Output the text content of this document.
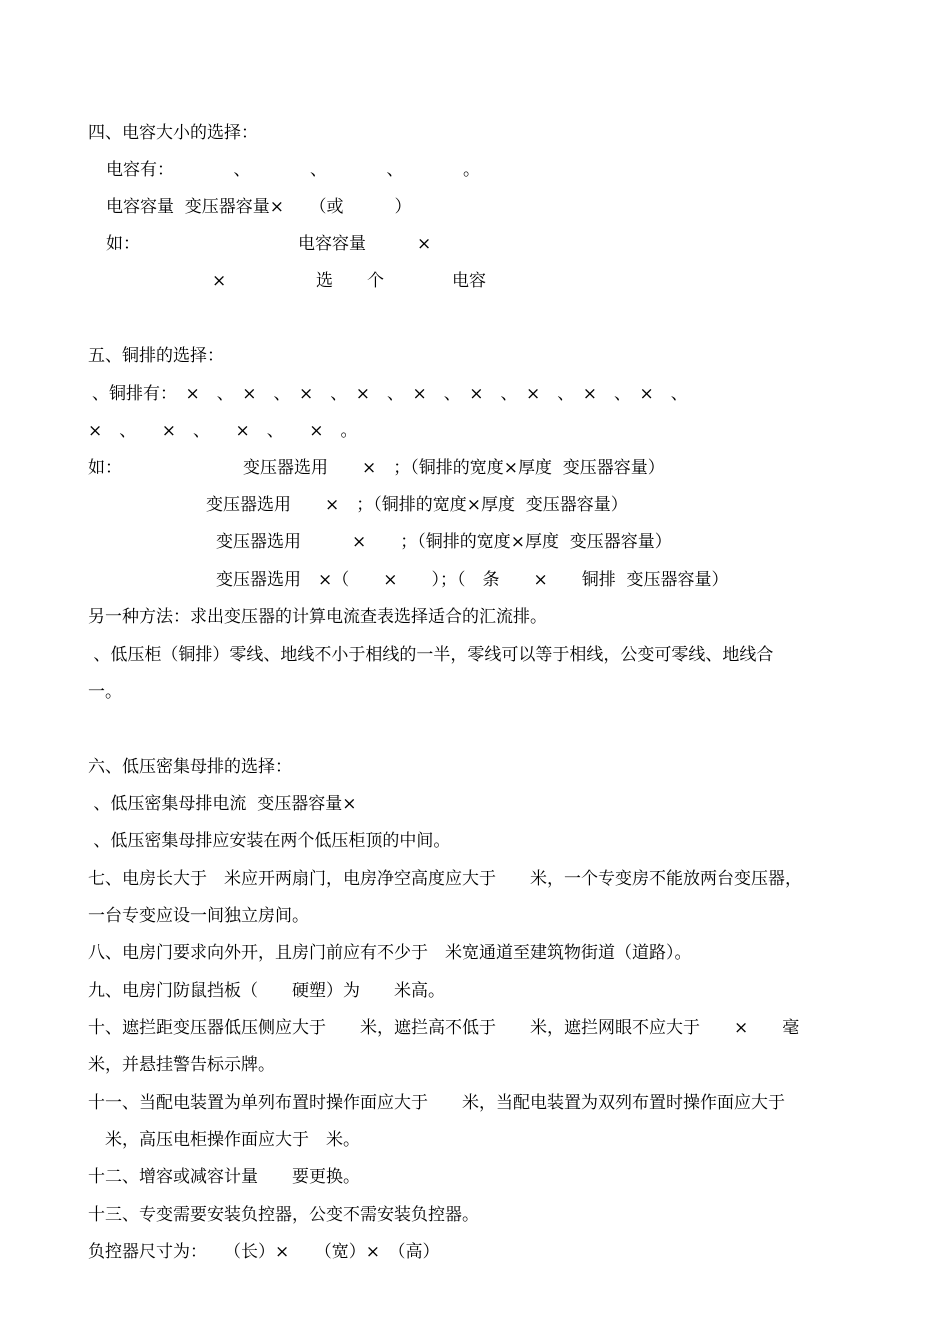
四、电容大小的选择：
电容有：　　　　、　　　　、　　　　、　　　　。
电容容量  变压器容量×　　（或　　　）
如：	电容容量　　　×
×	选　　个	电容
五、铜排的选择：
、铜排有：　×　、　×　、　×　、　×　、　×　、　×　、　×　、　×　、　×　、
×　、　　×　、　　×　、　　×　。
如：	变压器选用　　×　；（铜排的宽度×厚度  变压器容量）
变压器选用　　×　；（铜排的宽度×厚度  变压器容量）
变压器选用　　　×　　；（铜排的宽度×厚度  变压器容量）
变压器选用　×（　　×　　）；（　条　　×　　铜排  变压器容量）
另一种方法：求出变压器的计算电流查表选择适合的汇流排。
、低压柜（铜排）零线、地线不小于相线的一半，零线可以等于相线，公变可零线、地线合
一。
六、低压密集母排的选择：
、低压密集母排电流  变压器容量×
、低压密集母排应安装在两个低压柜顶的中间。
七、电房长大于　米应开两扇门，电房净空高度应大于　　米，一个专变房不能放两台变压器，
一台专变应设一间独立房间。
八、电房门要求向外开，且房门前应有不少于　米宽通道至建筑物街道（道路）。
九、电房门防鼠挡板（　　硬塑）为　　米高。
十、遮拦距变压器低压侧应大于　　米，遮拦高不低于　　米，遮拦网眼不应大于　　×　　毫
米，并悬挂警告标示牌。
十一、当配电装置为单列布置时操作面应大于　　米，当配电装置为双列布置时操作面应大于
　米，高压电柜操作面应大于　米。
十二、增容或减容计量　　要更换。
十三、专变需要安装负控器，公变不需安装负控器。
负控器尺寸为：　　（长）×　　（宽）×　（高）
